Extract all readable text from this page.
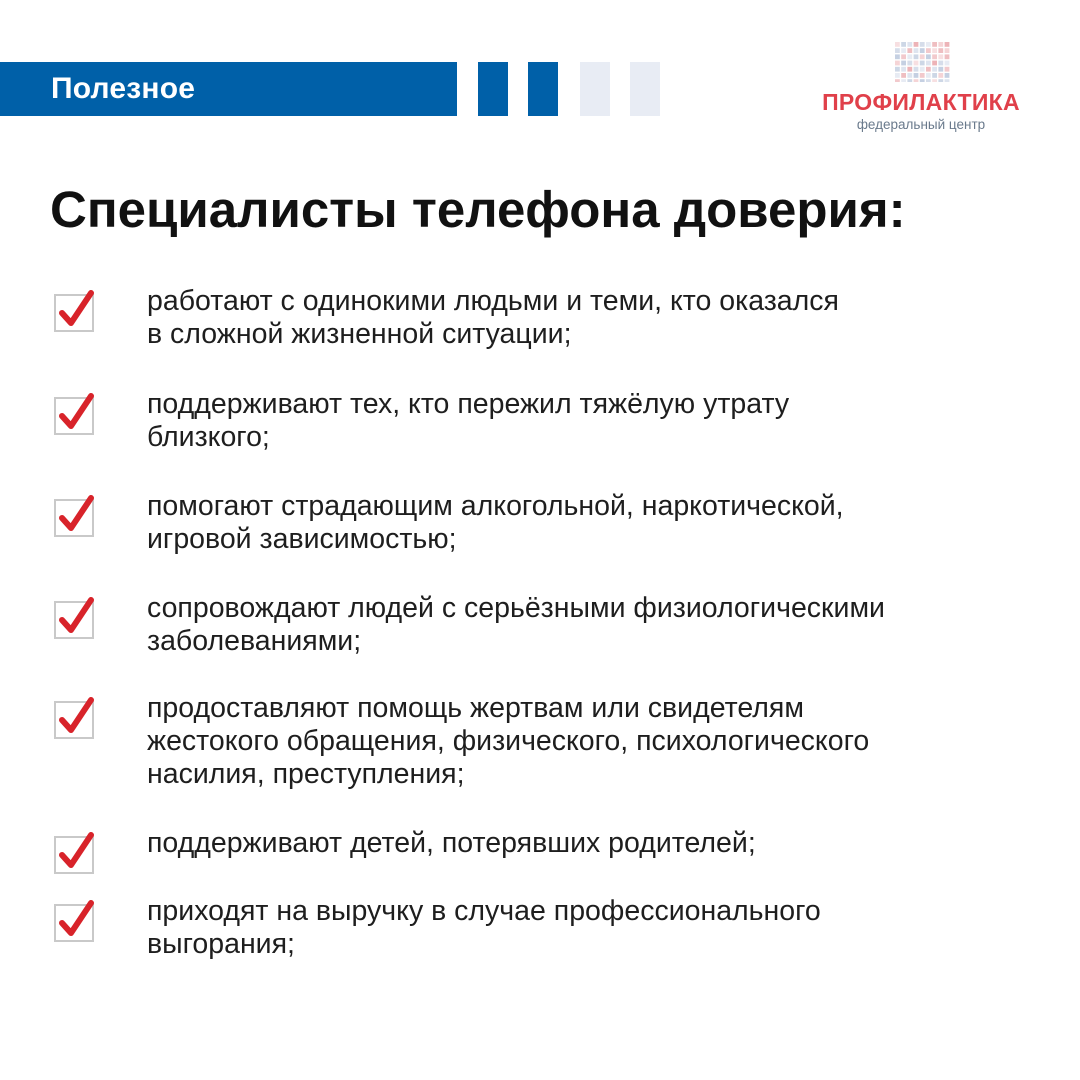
Полезное	ПРОФИЛАКТИКА
федеральный центр
Специалисты телефона доверия:
работают с одинокими людьми и теми, кто оказался
в сложной жизненной ситуации;
поддерживают тех, кто пережил тяжёлую утрату
близкого;
помогают страдающим алкогольной, наркотической,
игровой зависимостью;
сопровождают людей с серьёзными физиологическими
заболеваниями;
продоставляют помощь жертвам или свидетелям
жестокого обращения, физического, психологического
насилия, преступления;
поддерживают детей, потерявших родителей;
приходят на выручку в случае профессионального
выгорания;
